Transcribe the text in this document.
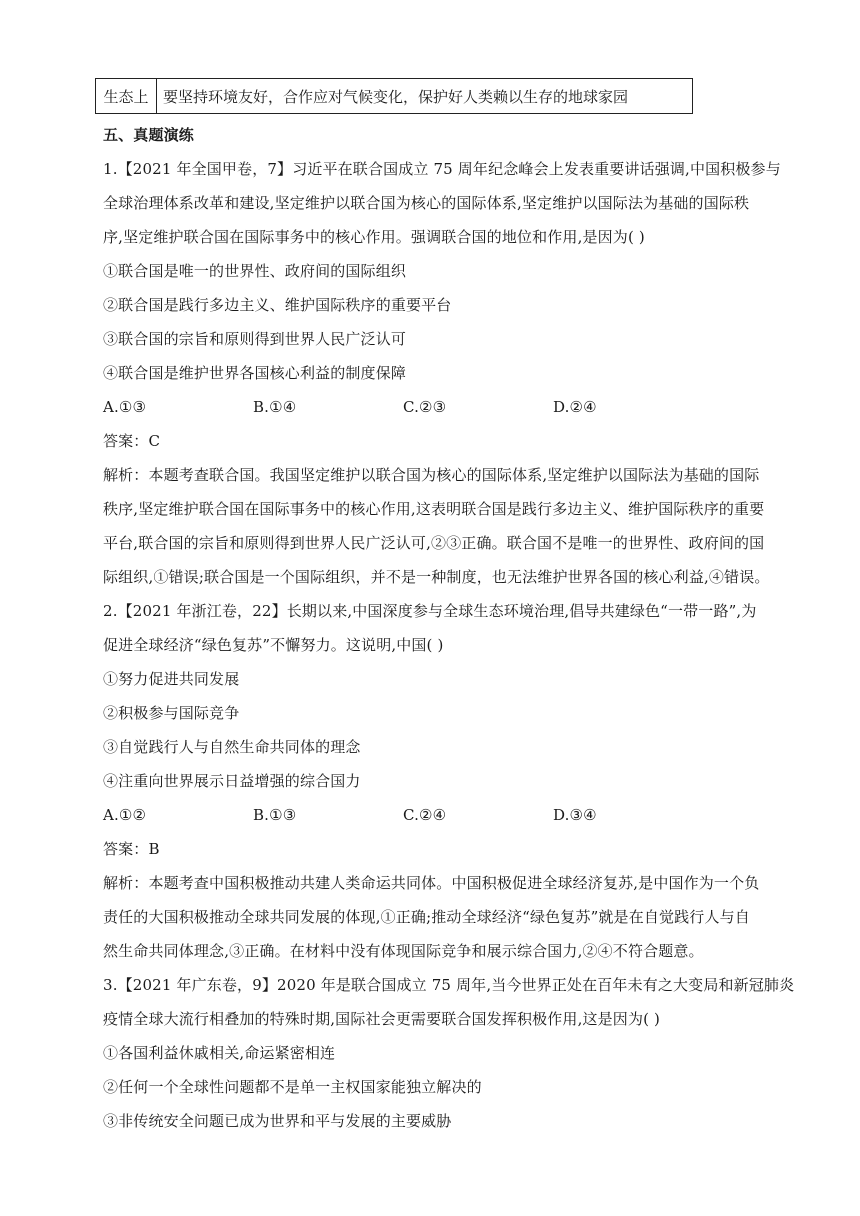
生态上 要坚持环境友好，合作应对气候变化，保护好人类赖以生存的地球家园
五、真题演练
1.【2021 年全国甲卷，7】习近平在联合国成立 75 周年纪念峰会上发表重要讲话强调,中国积极参与
全球治理体系改革和建设,坚定维护以联合国为核心的国际体系,坚定维护以国际法为基础的国际秩
序,坚定维护联合国在国际事务中的核心作用。强调联合国的地位和作用,是因为( )
①联合国是唯一的世界性、政府间的国际组织
②联合国是践行多边主义、维护国际秩序的重要平台
③联合国的宗旨和原则得到世界人民广泛认可
④联合国是维护世界各国核心利益的制度保障
A.①③	B.①④	C.②③	D.②④
答案：C
解析：本题考查联合国。我国坚定维护以联合国为核心的国际体系,坚定维护以国际法为基础的国际
秩序,坚定维护联合国在国际事务中的核心作用,这表明联合国是践行多边主义、维护国际秩序的重要
平台,联合国的宗旨和原则得到世界人民广泛认可,②③正确。联合国不是唯一的世界性、政府间的国
际组织,①错误;联合国是一个国际组织，并不是一种制度，也无法维护世界各国的核心利益,④错误。
2.【2021 年浙江卷，22】长期以来,中国深度参与全球生态环境治理,倡导共建绿色“一带一路”,为
促进全球经济“绿色复苏”不懈努力。这说明,中国( )
①努力促进共同发展
②积极参与国际竞争
③自觉践行人与自然生命共同体的理念
④注重向世界展示日益增强的综合国力
A.①②	B.①③	C.②④	D.③④
答案：B
解析：本题考查中国积极推动共建人类命运共同体。中国积极促进全球经济复苏,是中国作为一个负
责任的大国积极推动全球共同发展的体现,①正确;推动全球经济“绿色复苏”就是在自觉践行人与自
然生命共同体理念,③正确。在材料中没有体现国际竞争和展示综合国力,②④不符合题意。
3.【2021 年广东卷，9】2020 年是联合国成立 75 周年,当今世界正处在百年未有之大变局和新冠肺炎
疫情全球大流行相叠加的特殊时期,国际社会更需要联合国发挥积极作用,这是因为( )
①各国利益休戚相关,命运紧密相连
②任何一个全球性问题都不是单一主权国家能独立解决的
③非传统安全问题已成为世界和平与发展的主要威胁
